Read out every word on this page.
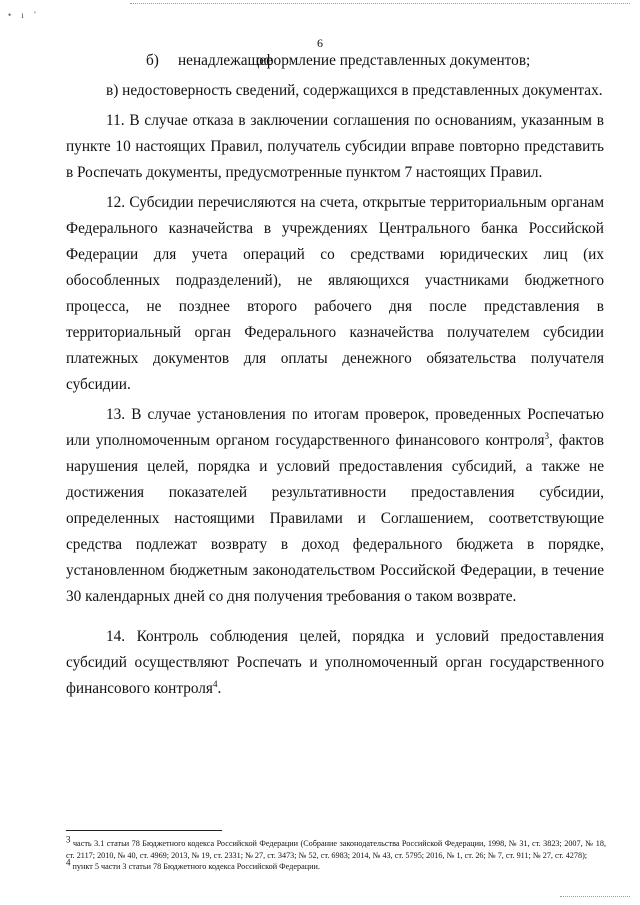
• ı '
6

б) ненадлежащееоформление представленных документов;

в) недостоверность сведений, содержащихся в представленных документах.

11. В случае отказа в заключении соглашения по основаниям, указанным в пункте 10 настоящих Правил, получатель субсидии вправе повторно представить в Роспечать документы, предусмотренные пунктом 7 настоящих Правил.

12. Субсидии перечисляются на счета, открытые территориальным органам Федерального казначейства в учреждениях Центрального банка Российской Федерации для учета операций со средствами юридических лиц (их обособленных подразделений), не являющихся участниками бюджетного процесса, не позднее второго рабочего дня после представления в территориальный орган Федерального казначейства получателем субсидии платежных документов для оплаты денежного обязательства получателя субсидии.

13. В случае установления по итогам проверок, проведенных Роспечатью или уполномоченным органом государственного финансового контроля$^3$, фактов нарушения целей, порядка и условий предоставления субсидий, а также не достижения показателей результативности предоставления субсидии, определенных настоящими Правилами и Соглашением, соответствующие средства подлежат возврату в доход федерального бюджета в порядке, установленном бюджетным законодательством Российской Федерации, в течение 30 календарных дней со дня получения требования о таком возврате.

14. Контроль соблюдения целей, порядка и условий предоставления субсидий осуществляют Роспечать и уполномоченный орган государственного финансового контроля$^4$.

$^3$ часть 3.1 статьи 78 Бюджетного кодекса Российской Федерации (Собрание законодательства Российской Федерации, 1998, № 31, ст. 3823; 2007, № 18, ст. 2117; 2010, № 40, ст. 4969; 2013, № 19, ст. 2331; № 27, ст. 3473; № 52, ст. 6983; 2014, № 43, ст. 5795; 2016, № 1, ст. 26; № 7, ст. 911; № 27, ст. 4278);

$^4$ пункт 5 части 3 статьи 78 Бюджетного кодекса Российской Федерации.
